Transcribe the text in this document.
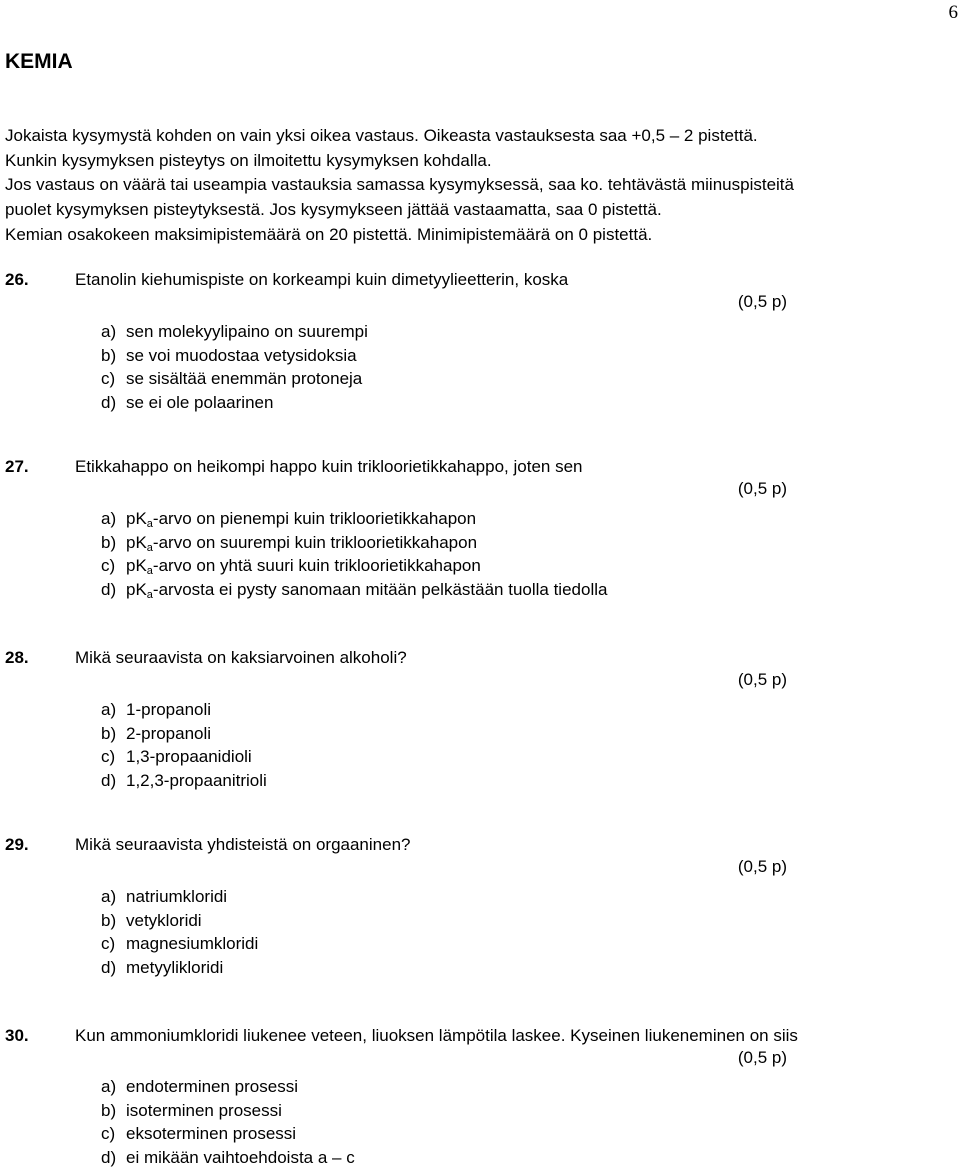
6
KEMIA
Jokaista kysymystä kohden on vain yksi oikea vastaus. Oikeasta vastauksesta saa +0,5 – 2 pistettä.
Kunkin kysymyksen pisteytys on ilmoitettu kysymyksen kohdalla.
Jos vastaus on väärä tai useampia vastauksia samassa kysymyksessä, saa ko. tehtävästä miinuspisteitä
puolet kysymyksen pisteytyksestä. Jos kysymykseen jättää vastaamatta, saa 0 pistettä.
Kemian osakokeen maksimipistemäärä on 20 pistettä. Minimipistemäärä on 0 pistettä.
26.	Etanolin kiehumispiste on korkeampi kuin dimetyylieetterin, koska
(0,5 p)
a) sen molekyylipaino on suurempi
b) se voi muodostaa vetysidoksia
c) se sisältää enemmän protoneja
d) se ei ole polaarinen
27.	Etikkahappo on heikompi happo kuin trikloorietikkahappo, joten sen
(0,5 p)
a) $pK_a$-arvo on pienempi kuin trikloorietikkahapon
b) $pK_a$-arvo on suurempi kuin trikloorietikkahapon
c) $pK_a$-arvo on yhtä suuri kuin trikloorietikkahapon
d) $pK_a$-arvosta ei pysty sanomaan mitään pelkästään tuolla tiedolla
28.	Mikä seuraavista on kaksiarvoinen alkoholi?
(0,5 p)
a) 1-propanoli
b) 2-propanoli
c) 1,3-propaanidioli
d) 1,2,3-propaanitrioli
29.	Mikä seuraavista yhdisteistä on orgaaninen?
(0,5 p)
a) natriumkloridi
b) vetykloridi
c) magnesiumkloridi
d) metyylikloridi
30.	Kun ammoniumkloridi liukenee veteen, liuoksen lämpötila laskee. Kyseinen liukeneminen on siis
(0,5 p)
a) endoterminen prosessi
b) isoterminen prosessi
c) eksoterminen prosessi
d) ei mikään vaihtoehdoista a – c
